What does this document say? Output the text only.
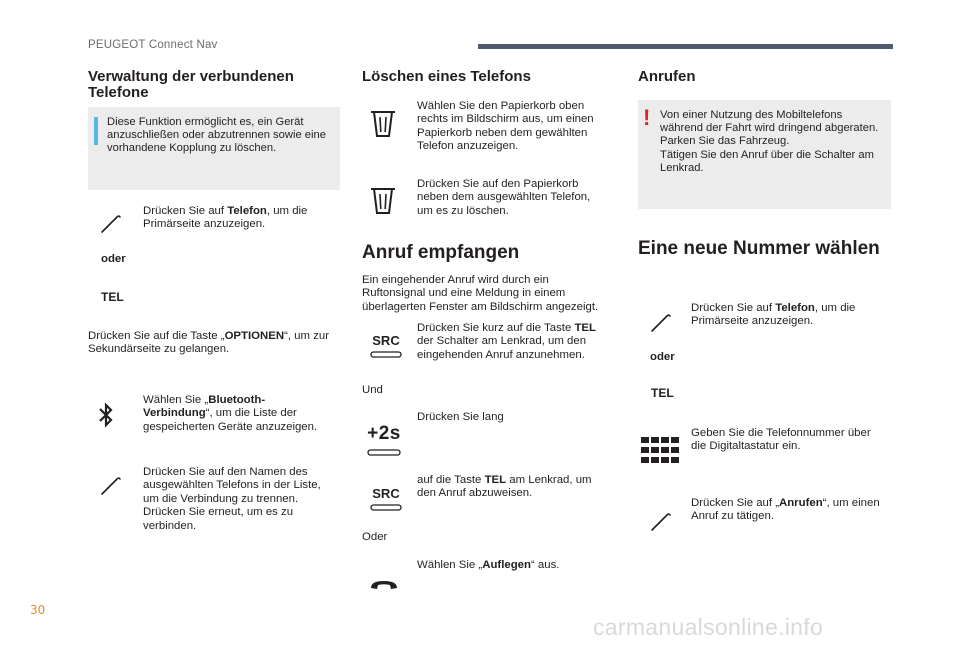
PEUGEOT Connect Nav
Verwaltung der verbundenen Telefone
Diese Funktion ermöglicht es, ein Gerät anzuschließen oder abzutrennen sowie eine vorhandene Kopplung zu löschen.
Drücken Sie auf Telefon, um die Primärseite anzuzeigen.
oder
TEL
Drücken Sie auf die Taste „OPTIONEN“, um zur Sekundärseite zu gelangen.
Wählen Sie „Bluetooth-Verbindung“, um die Liste der gespeicherten Geräte anzuzeigen.
Drücken Sie auf den Namen des ausgewählten Telefons in der Liste, um die Verbindung zu trennen. Drücken Sie erneut, um es zu verbinden.
Löschen eines Telefons
Wählen Sie den Papierkorb oben rechts im Bildschirm aus, um einen Papierkorb neben dem gewählten Telefon anzuzeigen.
Drücken Sie auf den Papierkorb neben dem ausgewählten Telefon, um es zu löschen.
Anruf empfangen
Ein eingehender Anruf wird durch ein Ruftonsignal und eine Meldung in einem überlagerten Fenster am Bildschirm angezeigt.
SRC
Drücken Sie kurz auf die Taste TEL der Schalter am Lenkrad, um den eingehenden Anruf anzunehmen.
Und
+2s
Drücken Sie lang
SRC
auf die Taste TEL am Lenkrad, um den Anruf abzuweisen.
Oder
Wählen Sie „Auflegen“ aus.
Anrufen
! Von einer Nutzung des Mobiltelefons während der Fahrt wird dringend abgeraten.
Parken Sie das Fahrzeug.
Tätigen Sie den Anruf über die Schalter am Lenkrad.
Eine neue Nummer wählen
Drücken Sie auf Telefon, um die Primärseite anzuzeigen.
oder
TEL
Geben Sie die Telefonnummer über die Digitaltastatur ein.
Drücken Sie auf „Anrufen“, um einen Anruf zu tätigen.
30
carmanualsonline.info
